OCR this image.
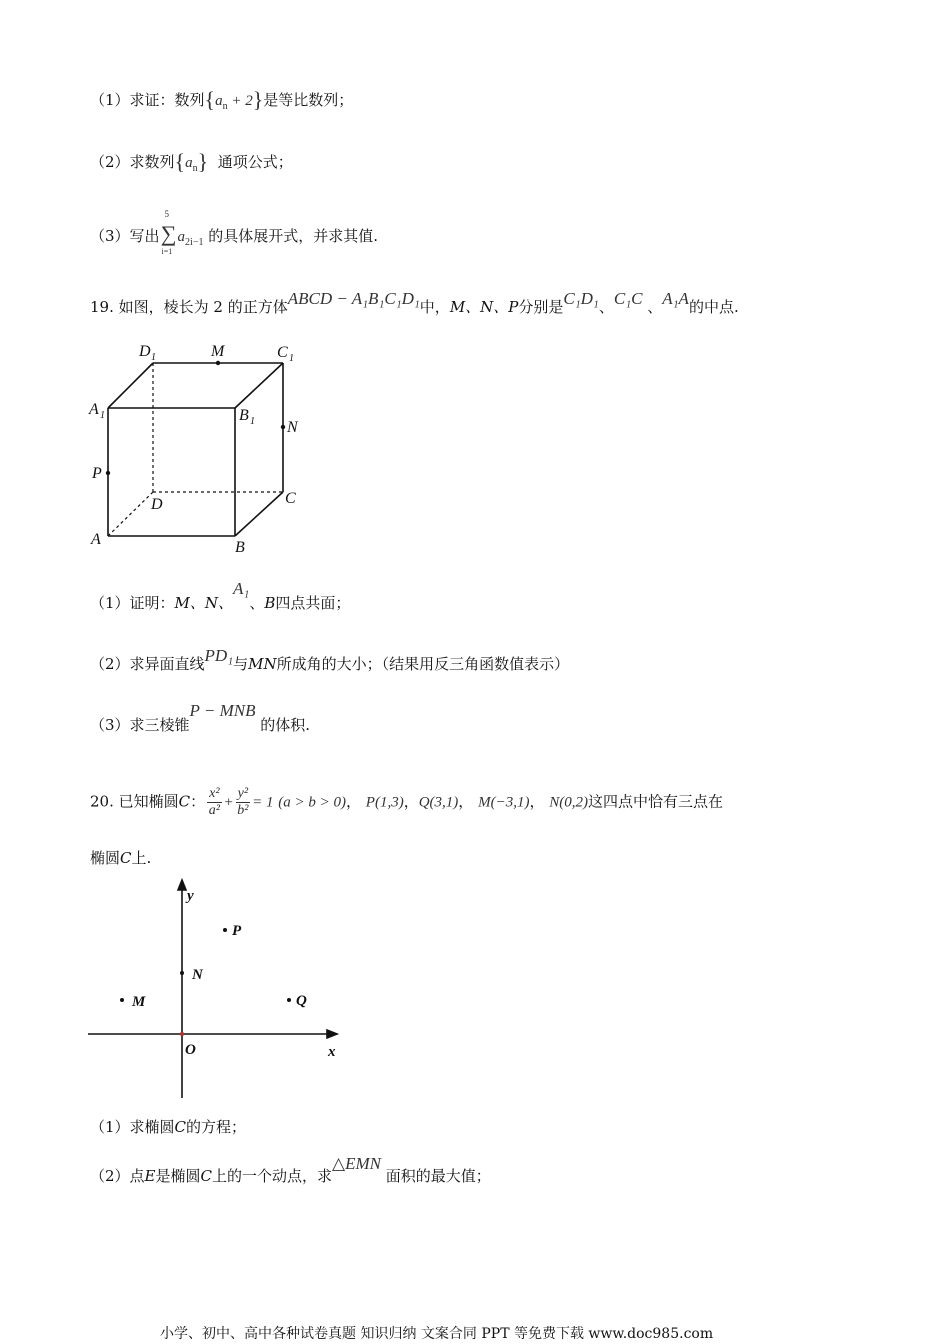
（1）求证：数列$\{a_n + 2\}$是等比数列；
（2）求数列$\{a_n\}$ 通项公式；
（3）写出
5
∑
i=1
$a_{2i-1}$ 的具体展开式，并求其值.
19. 如图，棱长为 2 的正方体ABCD − A₁B₁C₁D₁中，M、N、P分别是C₁D₁、C₁C 、A₁A的中点.
D 1	M	C 1
A 1	B 1 N
P
D	C
A	B
（1）证明：M、N、A₁、B四点共面；
（2）求异面直线PD₁与MN所成角的大小；（结果用反三角函数值表示）
（3）求三棱锥P − MNB 的体积.
20. 已知椭圆C： $\frac{\text{x²}}{\text{a²}} + \frac{\text{y²}}{\text{b²}} = 1$ (a > b > 0)， P(1,3)，Q(3,1)， M(−3,1)， N(0,2)这四点中恰有三点在
椭圆C上.
y
x
O
P
N
M	Q
（1）求椭圆C的方程；
（2）点E是椭圆C上的一个动点，求△EMN 面积的最大值；
小学、初中、高中各种试卷真题 知识归纳 文案合同 PPT 等免费下载 www.doc985.com
